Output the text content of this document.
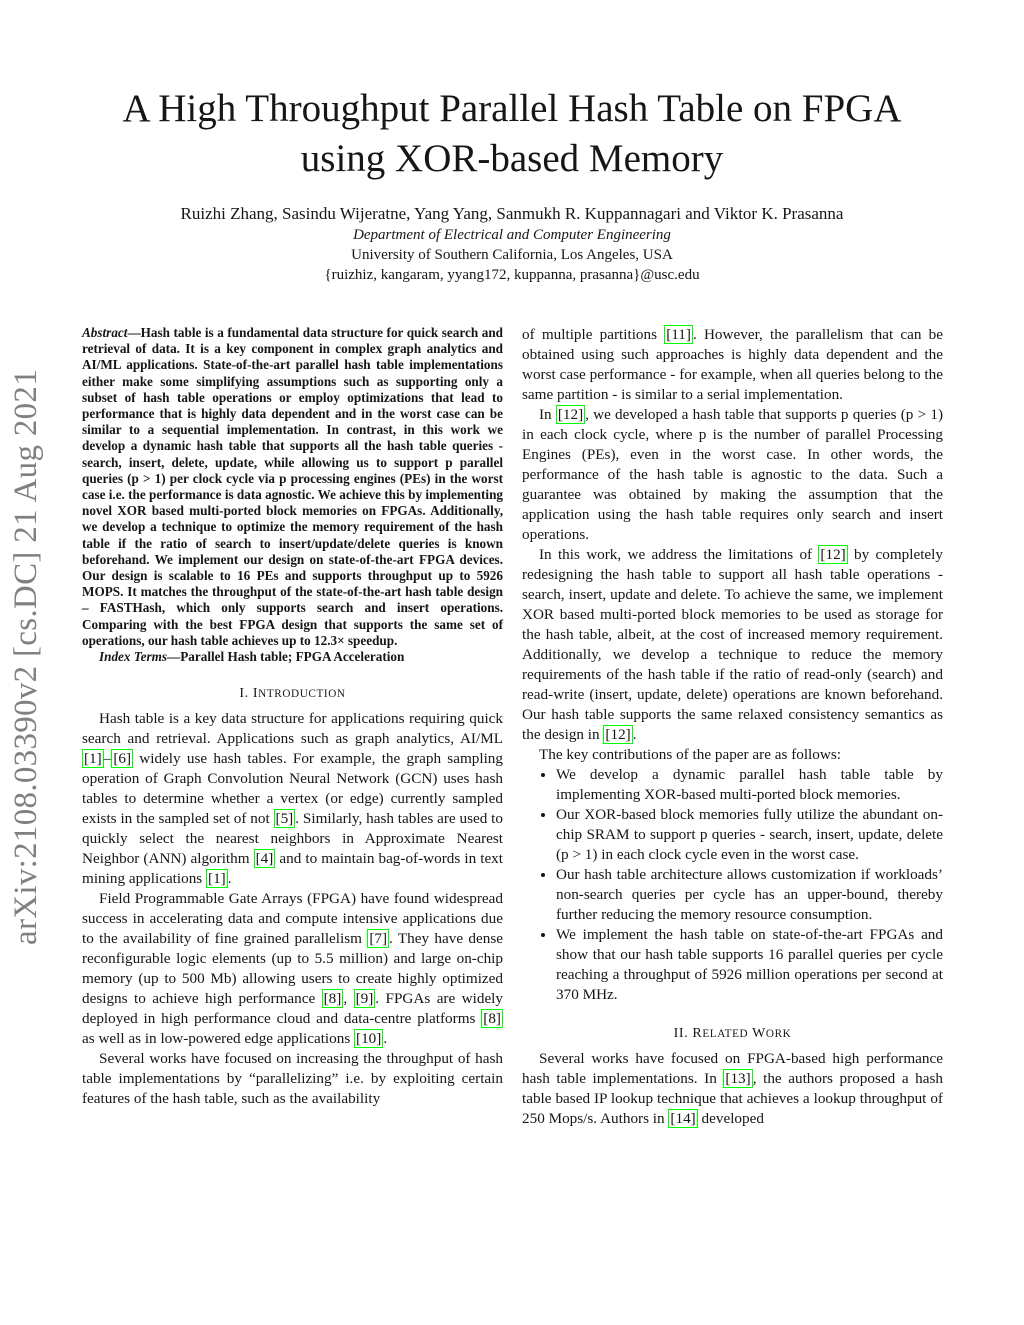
arXiv:2108.03390v2 [cs.DC] 21 Aug 2021
A High Throughput Parallel Hash Table on FPGA
using XOR-based Memory
Ruizhi Zhang, Sasindu Wijeratne, Yang Yang, Sanmukh R. Kuppannagari and Viktor K. Prasanna
Department of Electrical and Computer Engineering
University of Southern California, Los Angeles, USA
{ruizhiz, kangaram, yyang172, kuppanna, prasanna}@usc.edu

Abstract—Hash table is a fundamental data structure for quick search and retrieval of data. It is a key component in complex graph analytics and AI/ML applications. State-of-the-art parallel hash table implementations either make some simplifying assumptions such as supporting only a subset of hash table operations or employ optimizations that lead to performance that is highly data dependent and in the worst case can be similar to a sequential implementation. In contrast, in this work we develop a dynamic hash table that supports all the hash table queries - search, insert, delete, update, while allowing us to support p parallel queries (p > 1) per clock cycle via p processing engines (PEs) in the worst case i.e. the performance is data agnostic. We achieve this by implementing novel XOR based multi-ported block memories on FPGAs. Additionally, we develop a technique to optimize the memory requirement of the hash table if the ratio of search to insert/update/delete queries is known beforehand. We implement our design on state-of-the-art FPGA devices. Our design is scalable to 16 PEs and supports throughput up to 5926 MOPS. It matches the throughput of the state-of-the-art hash table design – FASTHash, which only supports search and insert operations. Comparing with the best FPGA design that supports the same set of operations, our hash table achieves up to 12.3× speedup.

Index Terms—Parallel Hash table; FPGA Acceleration

I. INTRODUCTION

Hash table is a key data structure for applications requiring quick search and retrieval. Applications such as graph analytics, AI/ML [1] – [6] widely use hash tables. For example, the graph sampling operation of Graph Convolution Neural Network (GCN) uses hash tables to determine whether a vertex (or edge) currently sampled exists in the sampled set of not [5] . Similarly, hash tables are used to quickly select the nearest neighbors in Approximate Nearest Neighbor (ANN) algorithm [4] and to maintain bag-of-words in text mining applications [1] .

Field Programmable Gate Arrays (FPGA) have found widespread success in accelerating data and compute intensive applications due to the availability of fine grained parallelism [7] . They have dense reconfigurable logic elements (up to 5.5 million) and large on-chip memory (up to 500 Mb) allowing users to create highly optimized designs to achieve high performance [8] , [9] . FPGAs are widely deployed in high performance cloud and data-centre platforms [8] as well as in low-powered edge applications [10] .

Several works have focused on increasing the throughput of hash table implementations by “parallelizing” i.e. by exploiting certain features of the hash table, such as the availability

of multiple partitions [11] . However, the parallelism that can be obtained using such approaches is highly data dependent and the worst case performance - for example, when all queries belong to the same partition - is similar to a serial implementation.

In [12] , we developed a hash table that supports p queries (p > 1) in each clock cycle, where p is the number of parallel Processing Engines (PEs), even in the worst case. In other words, the performance of the hash table is agnostic to the data. Such a guarantee was obtained by making the assumption that the application using the hash table requires only search and insert operations.

In this work, we address the limitations of [12] by completely redesigning the hash table to support all hash table operations - search, insert, update and delete. To achieve the same, we implement XOR based multi-ported block memories to be used as storage for the hash table, albeit, at the cost of increased memory requirement. Additionally, we develop a technique to reduce the memory requirements of the hash table if the ratio of read-only (search) and read-write (insert, update, delete) operations are known beforehand. Our hash table supports the same relaxed consistency semantics as the design in [12] .

The key contributions of the paper are as follows:

• We develop a dynamic parallel hash table table by implementing XOR-based multi-ported block memories.
• Our XOR-based block memories fully utilize the abundant on-chip SRAM to support p queries - search, insert, update, delete (p > 1) in each clock cycle even in the worst case.
• Our hash table architecture allows customization if workloads’ non-search queries per cycle has an upper-bound, thereby further reducing the memory resource consumption.
• We implement the hash table on state-of-the-art FPGAs and show that our hash table supports 16 parallel queries per cycle reaching a throughput of 5926 million operations per second at 370 MHz.
II. RELATED WORK

Several works have focused on FPGA-based high performance hash table implementations. In [13] , the authors proposed a hash table based IP lookup technique that achieves a lookup throughput of 250 Mops/s. Authors in [14] developed
